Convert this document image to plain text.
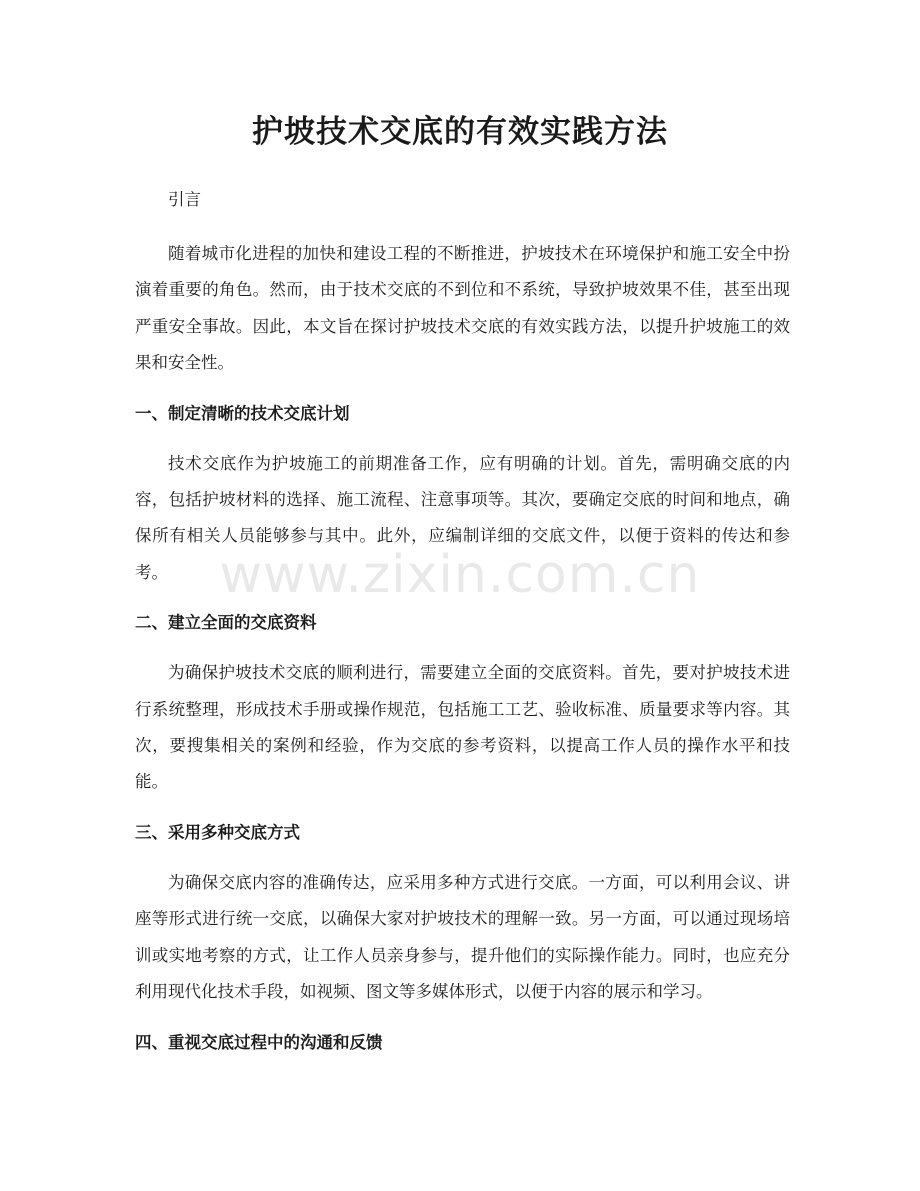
护坡技术交底的有效实践方法

引言

随着城市化进程的加快和建设工程的不断推进，护坡技术在环境保护和施工安全中扮演着重要的角色。然而，由于技术交底的不到位和不系统，导致护坡效果不佳，甚至出现严重安全事故。因此，本文旨在探讨护坡技术交底的有效实践方法，以提升护坡施工的效果和安全性。

一、制定清晰的技术交底计划

技术交底作为护坡施工的前期准备工作，应有明确的计划。首先，需明确交底的内容，包括护坡材料的选择、施工流程、注意事项等。其次，要确定交底的时间和地点，确保所有相关人员能够参与其中。此外，应编制详细的交底文件，以便于资料的传达和参考。

二、建立全面的交底资料

为确保护坡技术交底的顺利进行，需要建立全面的交底资料。首先，要对护坡技术进行系统整理，形成技术手册或操作规范，包括施工工艺、验收标准、质量要求等内容。其次，要搜集相关的案例和经验，作为交底的参考资料，以提高工作人员的操作水平和技能。

三、采用多种交底方式

为确保交底内容的准确传达，应采用多种方式进行交底。一方面，可以利用会议、讲座等形式进行统一交底，以确保大家对护坡技术的理解一致。另一方面，可以通过现场培训或实地考察的方式，让工作人员亲身参与，提升他们的实际操作能力。同时，也应充分利用现代化技术手段，如视频、图文等多媒体形式，以便于内容的展示和学习。

四、重视交底过程中的沟通和反馈
www.zixin.com.cn
